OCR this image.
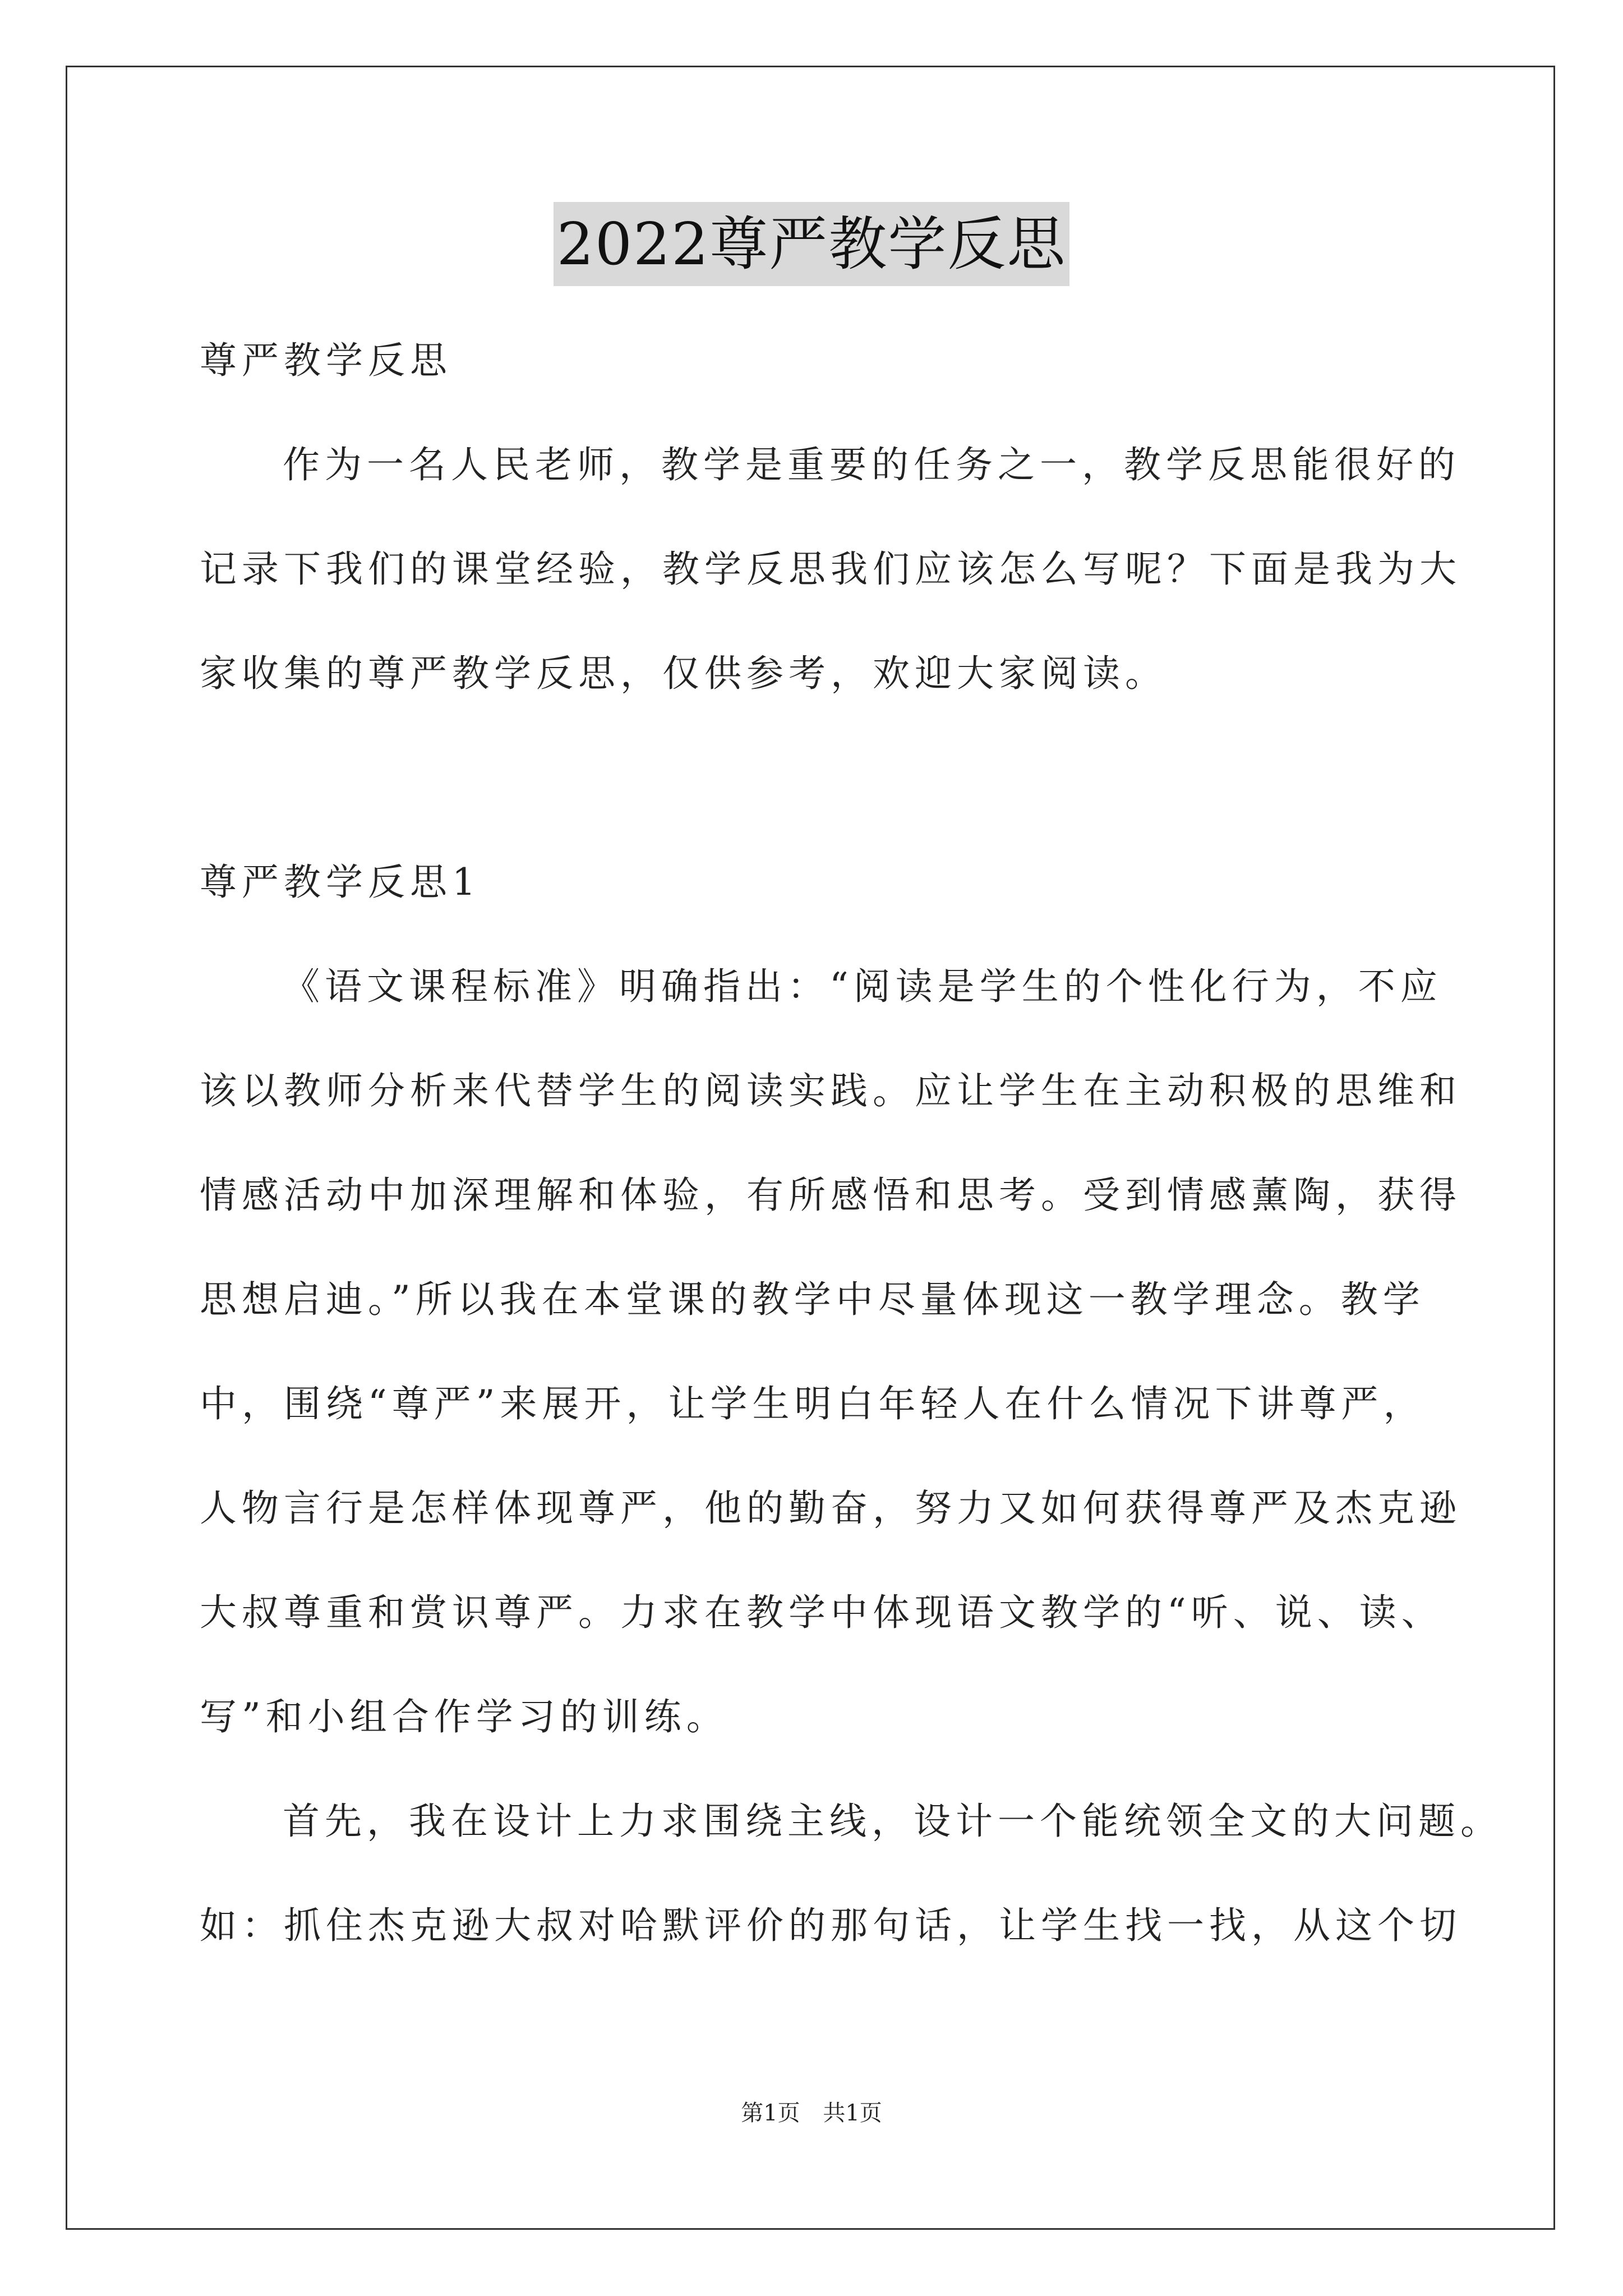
2022尊严教学反思
尊严教学反思
作为一名人民老师，教学是重要的任务之一，教学反思能很好的
记录下我们的课堂经验，教学反思我们应该怎么写呢？下面是我为大
家收集的尊严教学反思，仅供参考，欢迎大家阅读。
尊严教学反思1
《语文课程标准》明确指出：“阅读是学生的个性化行为，不应
该以教师分析来代替学生的阅读实践。应让学生在主动积极的思维和
情感活动中加深理解和体验，有所感悟和思考。受到情感薰陶，获得
思想启迪。”所以我在本堂课的教学中尽量体现这一教学理念。教学
中，围绕“尊严”来展开，让学生明白年轻人在什么情况下讲尊严，
人物言行是怎样体现尊严，他的勤奋，努力又如何获得尊严及杰克逊
大叔尊重和赏识尊严。力求在教学中体现语文教学的“听、说、读、
写”和小组合作学习的训练。
首先，我在设计上力求围绕主线，设计一个能统领全文的大问题。
如：抓住杰克逊大叔对哈默评价的那句话，让学生找一找，从这个切
第1页 共1页
